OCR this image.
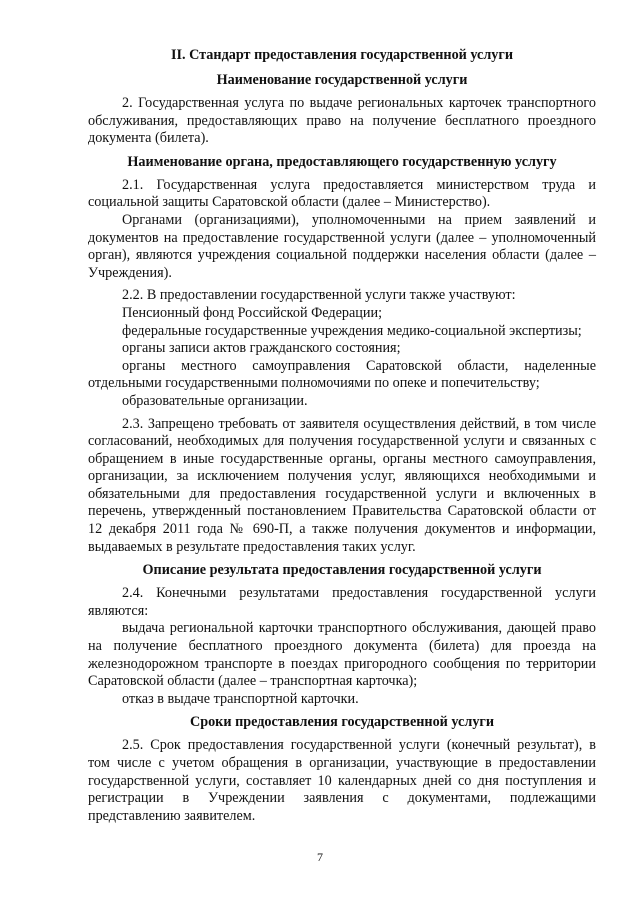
II. Стандарт предоставления государственной услуги
Наименование государственной услуги

2. Государственная услуга по выдаче региональных карточек транспортного обслуживания, предоставляющих право на получение бесплатного проездного документа (билета).

Наименование органа, предоставляющего государственную услугу

2.1. Государственная услуга предоставляется министерством труда и социальной защиты Саратовской области (далее – Министерство).

Органами (организациями), уполномоченными на прием заявлений и документов на предоставление государственной услуги (далее – уполномоченный орган), являются учреждения социальной поддержки населения области (далее – Учреждения).

2.2. В предоставлении государственной услуги также участвуют:

Пенсионный фонд Российской Федерации;

федеральные государственные учреждения медико-социальной экспертизы;

органы записи актов гражданского состояния;

органы местного самоуправления Саратовской области, наделенные отдельными государственными полномочиями по опеке и попечительству;

образовательные организации.

2.3. Запрещено требовать от заявителя осуществления действий, в том числе согласований, необходимых для получения государственной услуги и связанных с обращением в иные государственные органы, органы местного самоуправления, организации, за исключением получения услуг, являющихся необходимыми и обязательными для предоставления государственной услуги и включенных в перечень, утвержденный постановлением Правительства Саратовской области от 12 декабря 2011 года № 690-П, а также получения документов и информации, выдаваемых в результате предоставления таких услуг.

Описание результата предоставления государственной услуги

2.4. Конечными результатами предоставления государственной услуги являются:

выдача региональной карточки транспортного обслуживания, дающей право на получение бесплатного проездного документа (билета) для проезда на железнодорожном транспорте в поездах пригородного сообщения по территории Саратовской области (далее – транспортная карточка);

отказ в выдаче транспортной карточки.

Сроки предоставления государственной услуги

2.5. Срок предоставления государственной услуги (конечный результат), в том числе с учетом обращения в организации, участвующие в предоставлении государственной услуги, составляет 10 календарных дней со дня поступления и регистрации в Учреждении заявления с документами, подлежащими представлению заявителем.

7
